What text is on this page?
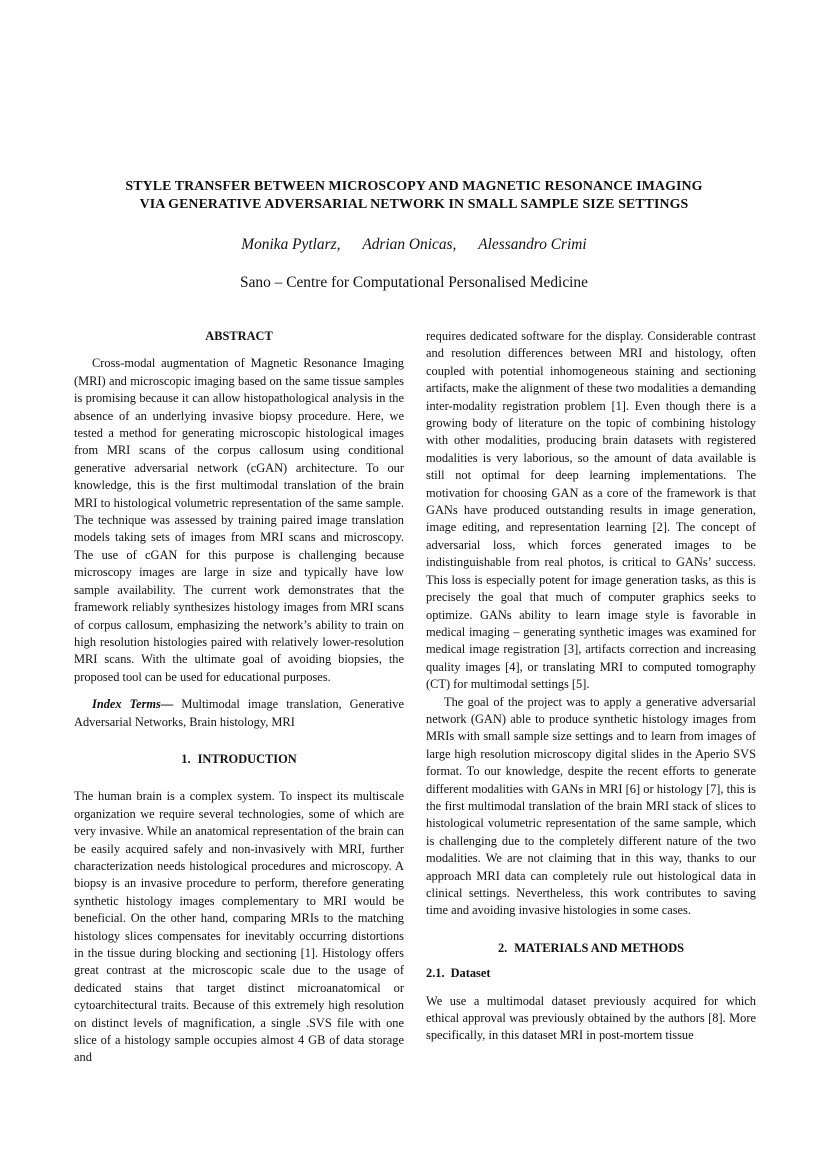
STYLE TRANSFER BETWEEN MICROSCOPY AND MAGNETIC RESONANCE IMAGING
VIA GENERATIVE ADVERSARIAL NETWORK IN SMALL SAMPLE SIZE SETTINGS
Monika Pytlarz, Adrian Onicas, Alessandro Crimi
Sano – Centre for Computational Personalised Medicine
ABSTRACT

Cross-modal augmentation of Magnetic Resonance Imaging (MRI) and microscopic imaging based on the same tissue samples is promising because it can allow histopathological analysis in the absence of an underlying invasive biopsy procedure. Here, we tested a method for generating microscopic histological images from MRI scans of the corpus callosum using conditional generative adversarial network (cGAN) architecture. To our knowledge, this is the first multimodal translation of the brain MRI to histological volumetric representation of the same sample. The technique was assessed by training paired image translation models taking sets of images from MRI scans and microscopy. The use of cGAN for this purpose is challenging because microscopy images are large in size and typically have low sample availability. The current work demonstrates that the framework reliably synthesizes histology images from MRI scans of corpus callosum, emphasizing the network’s ability to train on high resolution histologies paired with relatively lower-resolution MRI scans. With the ultimate goal of avoiding biopsies, the proposed tool can be used for educational purposes.

Index Terms— Multimodal image translation, Generative Adversarial Networks, Brain histology, MRI

1. INTRODUCTION

The human brain is a complex system. To inspect its multiscale organization we require several technologies, some of which are very invasive. While an anatomical representation of the brain can be easily acquired safely and non-invasively with MRI, further characterization needs histological procedures and microscopy. A biopsy is an invasive procedure to perform, therefore generating synthetic histology images complementary to MRI would be beneficial. On the other hand, comparing MRIs to the matching histology slices compensates for inevitably occurring distortions in the tissue during blocking and sectioning [1]. Histology offers great contrast at the microscopic scale due to the usage of dedicated stains that target distinct microanatomical or cytoarchitectural traits. Because of this extremely high resolution on distinct levels of magnification, a single .SVS file with one slice of a histology sample occupies almost 4 GB of data storage and

requires dedicated software for the display. Considerable contrast and resolution differences between MRI and histology, often coupled with potential inhomogeneous staining and sectioning artifacts, make the alignment of these two modalities a demanding inter-modality registration problem [1]. Even though there is a growing body of literature on the topic of combining histology with other modalities, producing brain datasets with registered modalities is very laborious, so the amount of data available is still not optimal for deep learning implementations. The motivation for choosing GAN as a core of the framework is that GANs have produced outstanding results in image generation, image editing, and representation learning [2]. The concept of adversarial loss, which forces generated images to be indistinguishable from real photos, is critical to GANs’ success. This loss is especially potent for image generation tasks, as this is precisely the goal that much of computer graphics seeks to optimize. GANs ability to learn image style is favorable in medical imaging – generating synthetic images was examined for medical image registration [3], artifacts correction and increasing quality images [4], or translating MRI to computed tomography (CT) for multimodal settings [5].

The goal of the project was to apply a generative adversarial network (GAN) able to produce synthetic histology images from MRIs with small sample size settings and to learn from images of large high resolution microscopy digital slides in the Aperio SVS format. To our knowledge, despite the recent efforts to generate different modalities with GANs in MRI [6] or histology [7], this is the first multimodal translation of the brain MRI stack of slices to histological volumetric representation of the same sample, which is challenging due to the completely different nature of the two modalities. We are not claiming that in this way, thanks to our approach MRI data can completely rule out histological data in clinical settings. Nevertheless, this work contributes to saving time and avoiding invasive histologies in some cases.

2. MATERIALS AND METHODS
2.1. Dataset

We use a multimodal dataset previously acquired for which ethical approval was previously obtained by the authors [8]. More specifically, in this dataset MRI in post-mortem tissue
